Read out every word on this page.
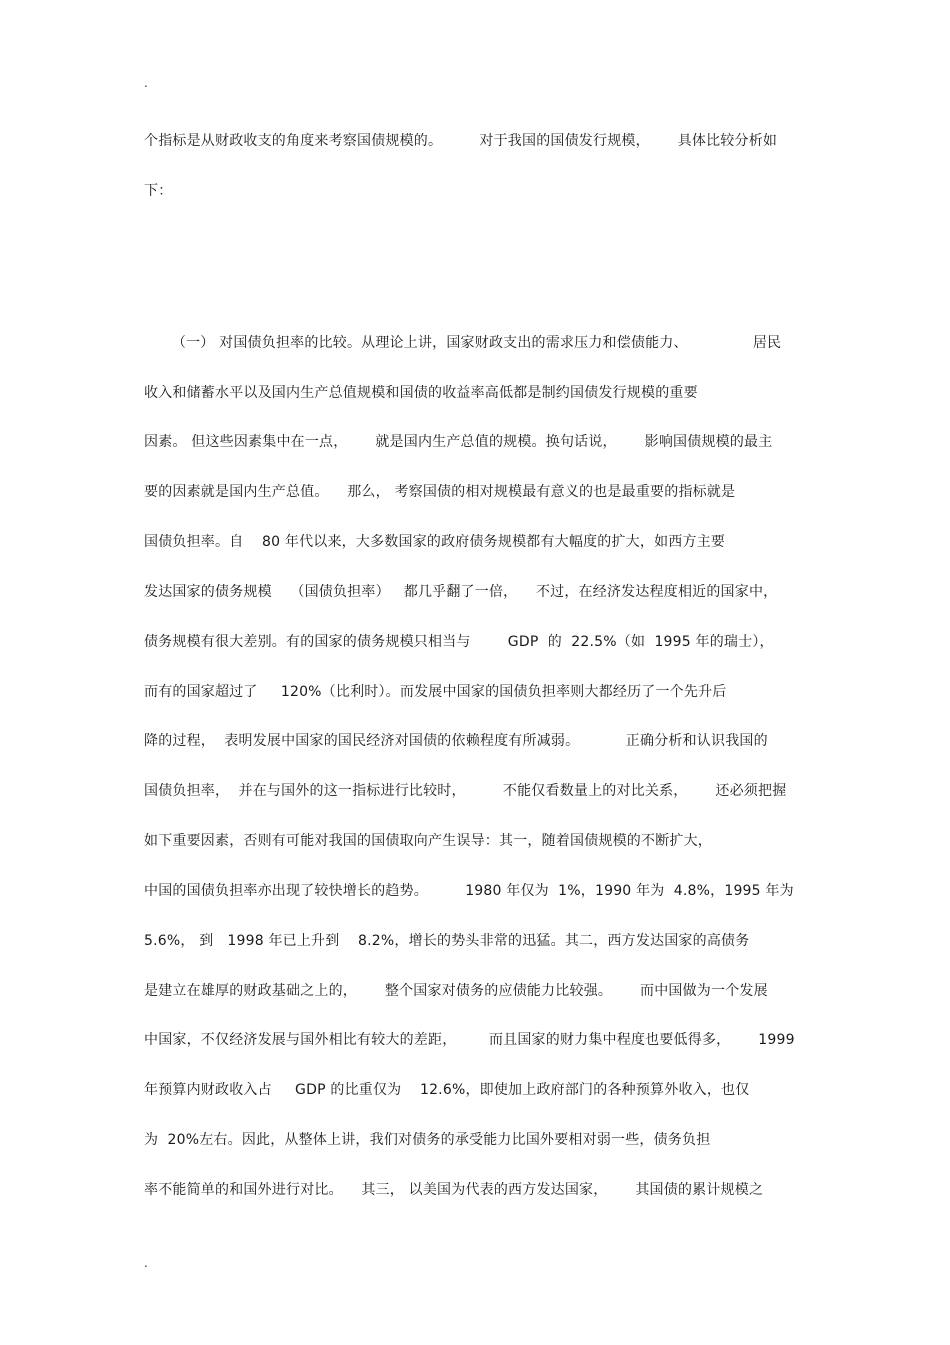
.
个指标是从财政收支的角度来考察国债规模的。        对于我国的国债发行规模，      具体比较分析如
下：
（一） 对国债负担率的比较。从理论上讲，国家财政支出的需求压力和偿债能力、              居民
收入和储蓄水平以及国内生产总值规模和国债的收益率高低都是制约国债发行规模的重要
因素。 但这些因素集中在一点，      就是国内生产总值的规模。换句话说，      影响国债规模的最主
要的因素就是国内生产总值。    那么， 考察国债的相对规模最有意义的也是最重要的指标就是
国债负担率。自    80 年代以来，大多数国家的政府债务规模都有大幅度的扩大，如西方主要
发达国家的债务规模    （国债负担率）   都几乎翻了一倍，    不过，在经济发达程度相近的国家中，
债务规模有很大差别。有的国家的债务规模只相当与        GDP  的  22.5%（如  1995 年的瑞士），
而有的国家超过了     120%（比利时）。而发展中国家的国债负担率则大都经历了一个先升后
降的过程，  表明发展中国家的国民经济对国债的依赖程度有所减弱。          正确分析和认识我国的
国债负担率，  并在与国外的这一指标进行比较时，        不能仅看数量上的对比关系，      还必须把握
如下重要因素，否则有可能对我国的国债取向产生误导：其一，随着国债规模的不断扩大，
中国的国债负担率亦出现了较快增长的趋势。        1980 年仅为  1%，1990 年为  4.8%，1995 年为
5.6%， 到   1998 年已上升到    8.2%，增长的势头非常的迅猛。其二，西方发达国家的高债务
是建立在雄厚的财政基础之上的，      整个国家对债务的应债能力比较强。      而中国做为一个发展
中国家，不仅经济发展与国外相比有较大的差距，       而且国家的财力集中程度也要低得多，      1999
年预算内财政收入占     GDP 的比重仅为    12.6%，即使加上政府部门的各种预算外收入，也仅
为  20%左右。因此，从整体上讲，我们对债务的承受能力比国外要相对弱一些，债务负担
率不能简单的和国外进行对比。    其三， 以美国为代表的西方发达国家，      其国债的累计规模之
.
